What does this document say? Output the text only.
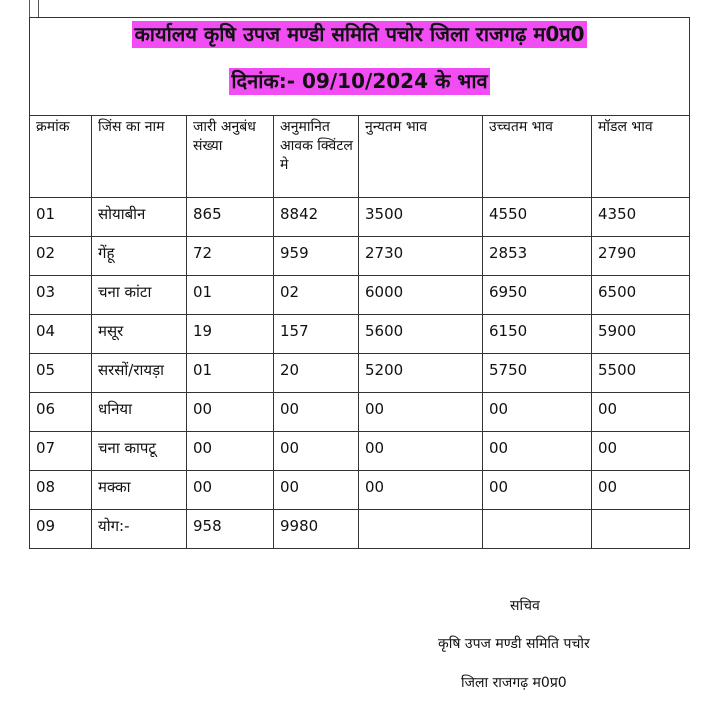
कार्यालय कृषि उपज मण्डी समिति पचोर जिला राजगढ़ म0प्र0
दिनांक:- 09/10/2024 के भाव						
क्रमांक	जिंस का नाम	जारी अनुबंध संख्या	अनुमानित आवक क्विंटल मे	नुन्यतम भाव	उच्चतम भाव	मॉडल भाव
01	सोयाबीन	865	8842	3500	4550	4350
02	गेंहू	72	959	2730	2853	2790
03	चना कांटा	01	02	6000	6950	6500
04	मसूर	19	157	5600	6150	5900
05	सरसों/रायड़ा	01	20	5200	5750	5500
06	धनिया	00	00	00	00	00
07	चना कापटू	00	00	00	00	00
08	मक्का	00	00	00	00	00
09	योग:-	958	9980			
सचिव
कृषि उपज मण्डी समिति पचोर
जिला राजगढ़ म0प्र0
